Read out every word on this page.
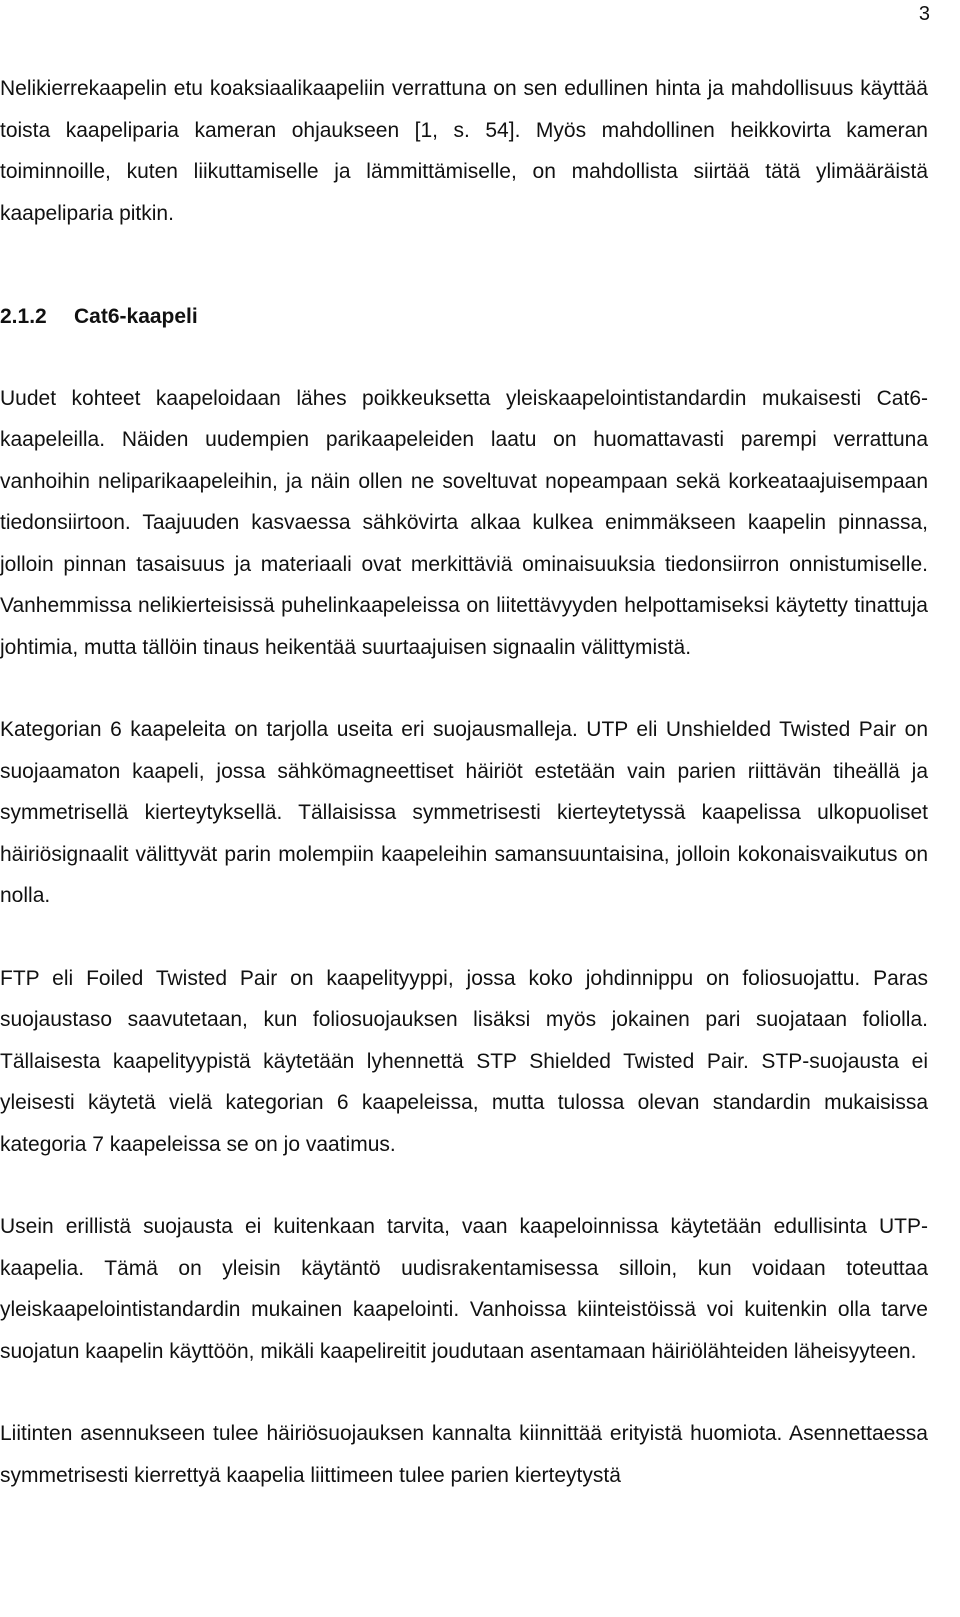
3

Nelikierrekaapelin etu koaksiaalikaapeliin verrattuna on sen edullinen hinta ja mahdollisuus käyttää toista kaapeliparia kameran ohjaukseen [1, s. 54]. Myös mahdollinen heikkovirta kameran toiminnoille, kuten liikuttamiselle ja lämmittämiselle, on mahdollista siirtää tätä ylimääräistä kaapeliparia pitkin.

2.1.2 Cat6-kaapeli

Uudet kohteet kaapeloidaan lähes poikkeuksetta yleiskaapelointistandardin mukaisesti Cat6-kaapeleilla. Näiden uudempien parikaapeleiden laatu on huomattavasti parempi verrattuna vanhoihin neliparikaapeleihin, ja näin ollen ne soveltuvat nopeampaan sekä korkeataajuisempaan tiedonsiirtoon. Taajuuden kasvaessa sähkövirta alkaa kulkea enimmäkseen kaapelin pinnassa, jolloin pinnan tasaisuus ja materiaali ovat merkittäviä ominaisuuksia tiedonsiirron onnistumiselle. Vanhemmissa nelikierteisissä puhelinkaapeleissa on liitettävyyden helpottamiseksi käytetty tinattuja johtimia, mutta tällöin tinaus heikentää suurtaajuisen signaalin välittymistä.

Kategorian 6 kaapeleita on tarjolla useita eri suojausmalleja. UTP eli Unshielded Twisted Pair on suojaamaton kaapeli, jossa sähkömagneettiset häiriöt estetään vain parien riittävän tiheällä ja symmetrisellä kierteytyksellä. Tällaisissa symmetrisesti kierteytetyssä kaapelissa ulkopuoliset häiriösignaalit välittyvät parin molempiin kaapeleihin samansuuntaisina, jolloin kokonaisvaikutus on nolla.

FTP eli Foiled Twisted Pair on kaapelityyppi, jossa koko johdinnippu on foliosuojattu. Paras suojaustaso saavutetaan, kun foliosuojauksen lisäksi myös jokainen pari suojataan foliolla. Tällaisesta kaapelityypistä käytetään lyhennettä STP Shielded Twisted Pair. STP-suojausta ei yleisesti käytetä vielä kategorian 6 kaapeleissa, mutta tulossa olevan standardin mukaisissa kategoria 7 kaapeleissa se on jo vaatimus.

Usein erillistä suojausta ei kuitenkaan tarvita, vaan kaapeloinnissa käytetään edullisinta UTP-kaapelia. Tämä on yleisin käytäntö uudisrakentamisessa silloin, kun voidaan toteuttaa yleiskaapelointistandardin mukainen kaapelointi. Vanhoissa kiinteistöissä voi kuitenkin olla tarve suojatun kaapelin käyttöön, mikäli kaapelireitit joudutaan asentamaan häiriölähteiden läheisyyteen.

Liitinten asennukseen tulee häiriösuojauksen kannalta kiinnittää erityistä huomiota. Asennettaessa symmetrisesti kierrettyä kaapelia liittimeen tulee parien kierteytystä
